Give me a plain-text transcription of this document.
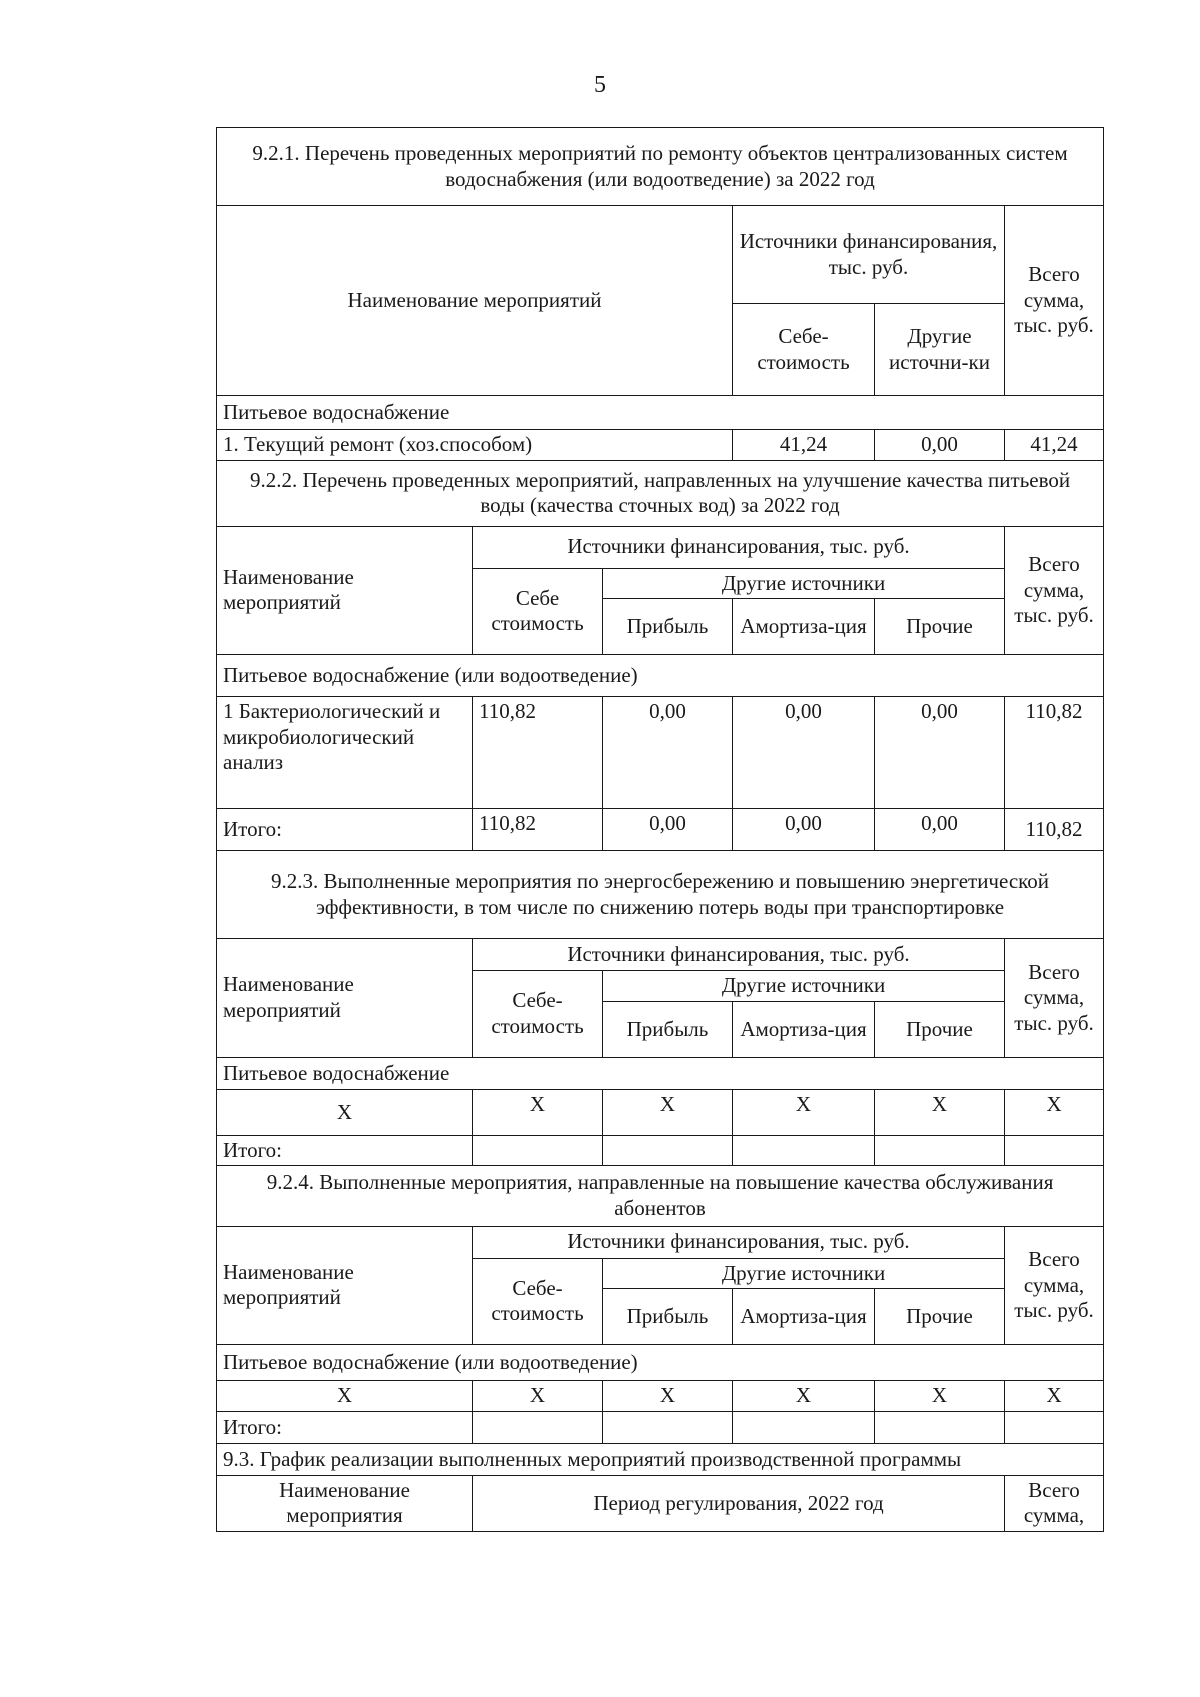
5
9.2.1. Перечень проведенных мероприятий по ремонту объектов централизованных систем водоснабжения (или водоотведение) за 2022 год					
Наименование мероприятий			Источники финансирования, тыс. руб.		Всего сумма, тыс. руб.
			Себе-стоимость	Другие источни-ки	
Питьевое водоснабжение					
1. Текущий ремонт (хоз.способом)			41,24	0,00	41,24
9.2.2. Перечень проведенных мероприятий, направленных на улучшение качества питьевой воды (качества сточных вод) за 2022 год					
Наименование мероприятий	Источники финансирования, тыс. руб.				Всего сумма, тыс. руб.
	Себе стоимость	Другие источники			
		Прибыль	Амортиза-ция	Прочие	
Питьевое водоснабжение (или водоотведение)					
1 Бактериологический и микробиологический анализ	110,82	0,00	0,00	0,00	110,82
Итого:	110,82	0,00	0,00	0,00	110,82
9.2.3. Выполненные мероприятия по энергосбережению и повышению энергетической эффективности, в том числе по снижению потерь воды при транспортировке					
Наименование мероприятий	Источники финансирования, тыс. руб.				Всего сумма, тыс. руб.
	Себе-стоимость	Другие источники			
		Прибыль	Амортиза-ция	Прочие	
Питьевое водоснабжение					
X	X	X	X	X	X
Итого:					
9.2.4. Выполненные мероприятия, направленные на повышение качества обслуживания абонентов					
Наименование мероприятий	Источники финансирования, тыс. руб.				Всего сумма, тыс. руб.
	Себе-стоимость	Другие источники			
		Прибыль	Амортиза-ция	Прочие	
Питьевое водоснабжение (или водоотведение)					
X	X	X	X	X	X
Итого:					
9.3. График реализации выполненных мероприятий производственной программы					
Наименование мероприятия	Период регулирования, 2022 год				Всего сумма,
